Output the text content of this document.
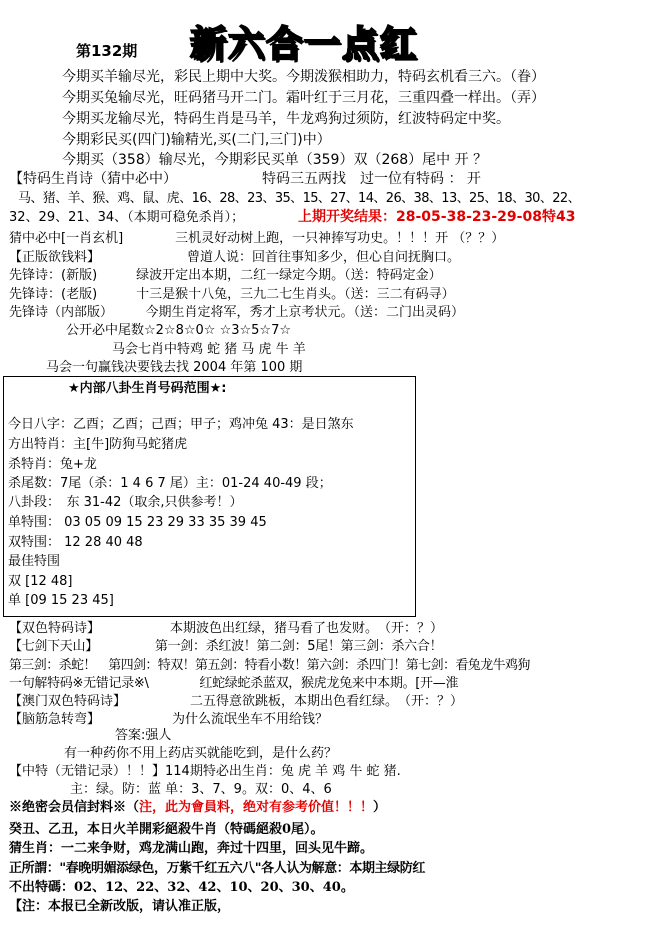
第132期 新六合一点红
今期买羊输尽光，彩民上期中大奖。今期泼猴相助力，特码玄机看三六。（眷）
今期买兔输尽光，旺码猪马开二门。霜叶红于三月花，三重四叠一样出。（弄）
今期买龙输尽光，特码生肖是马羊，牛龙鸡狗过须防，红波特码定中奖。
今期彩民买(四门)输精光,买(二门,三门)中）
今期买（358）输尽光，今期彩民买单（359）双（268）尾中 开 ？
【特码生肖诗（猜中必中）	特码三五两找　过一位有特码 ： 开
马、猪、羊、猴、鸡、鼠、虎、16、28、23、35、15、27、14、26、38、13、25、18、30、22、
32、29、21、34、（本期可稳免杀肖）；	上期开奖结果：28-05-38-23-29-08特43
猜中必中[一肖玄机]　　　　三机灵好动树上跑，一只神捧写功史。！！！开 （？？）
【正版欲钱料】	曾道人说：回首往事知多少，但心自问抚胸口。
先锋诗：(新版)　　　绿波开定出本期，二红一绿定今期。（送：特码定金）
先锋诗：(老版)　　　十三是猴十八兔，三九二七生肖头。（送：三二有码寻）
先锋诗（内部版）　　　今期生肖定将军，秀才上京考状元。（送：二门出灵码）
公开必中尾数☆2☆8☆0☆ ☆3☆5☆7☆
马会七肖中特鸡 蛇 猪 马 虎 牛 羊
马会一句赢钱决要钱去找 2004 年第 100 期
★内部八卦生肖号码范围★:
今日八字：乙酉；乙酉；己酉；甲子；鸡冲兔 43：是日煞东
方出特肖：主[牛]防狗马蛇猪虎
杀特肖：兔+龙
杀尾数：7尾（杀：1 4 6 7 尾）主：01-24 40-49 段；
八卦段：　东 31-42（取余,只供参考！）
单特围： 03 05 09 15 23 29 33 35 39 45
双特围： 12 28 40 48
最佳特围
双 [12 48]
单 [09 15 23 45]
【双色特码诗】	本期波色出红绿，猪马看了也发财。　（开：？）
【七剑下天山】　　　　　第一剑：杀红波！第二剑：5尾！第三剑：杀六合！
第三剑：杀蛇！　第四剑：特双！第五剑：特看小数！第六剑：杀四门！第七剑：看兔龙牛鸡狗
一句解特码※无错记录※\　　　　红蛇绿蛇杀蓝双，猴虎龙兔来中本期。[开—淮
【澳门双色特码诗】	二五得意欲跳板，本期出色看红绿。　（开：？）
【脑筋急转弯】	为什么流氓坐车不用给钱？
答案:强人
有一种药你不用上药店买就能吃到，是什么药？
【中特（无错记录）！！】114期特必出生肖：兔 虎 羊 鸡 牛 蛇 猪.
主：绿。防：蓝 单：3、7、9。双：0、4、6
※绝密会员信封料※（注，此为會員料，绝对有参考价值！！！）
癸丑、乙丑，本日火羊開彩絕殺牛肖（特碼絕殺0尾）。
猜生肖：一二来争财，鸡龙满山跑，奔过十四里，回头见牛蹄。
正所謂："春晚明媚添绿色，万紫千红五六八"各人认为解意：本期主绿防红
不出特碼：02、12、22、32、42、10、20、30、40。
【注：本报已全新改版，请认准正版，
